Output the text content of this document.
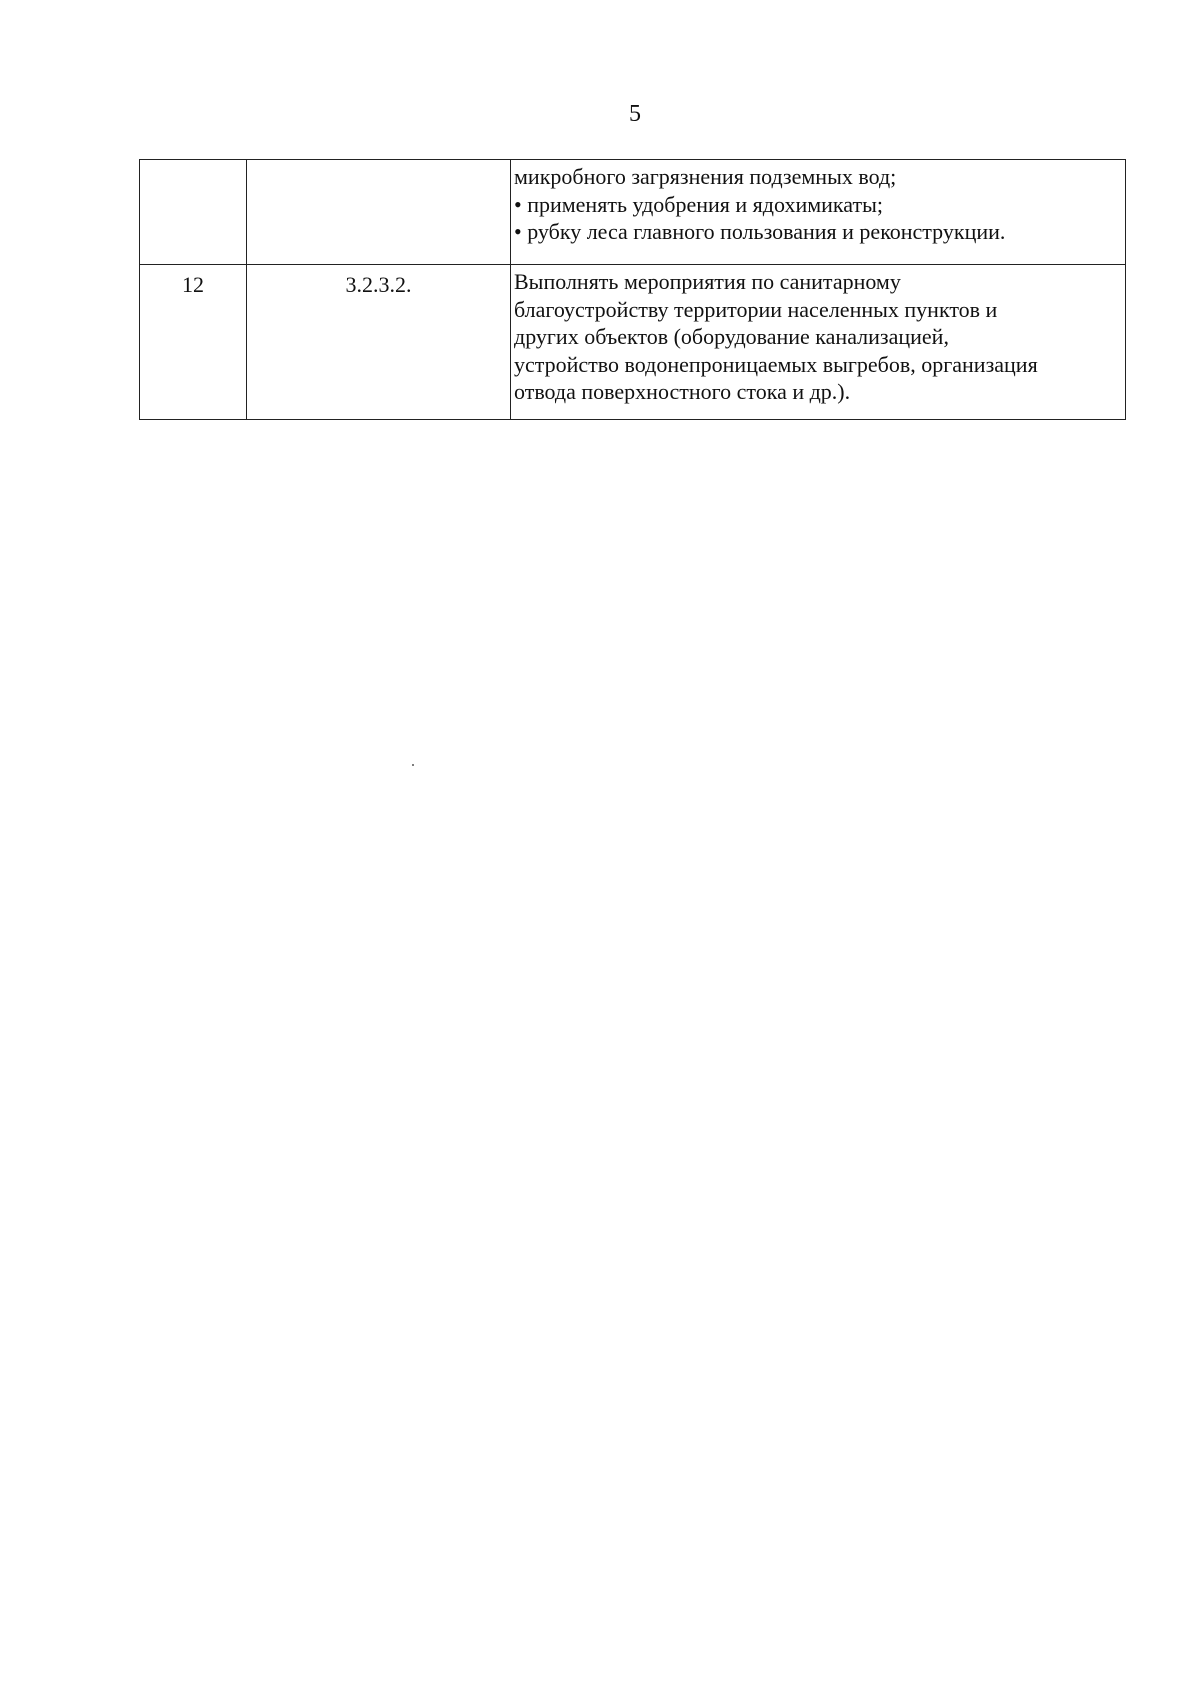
5

		микробного загрязнения подземных вод;
• применять удобрения и ядохимикаты;
• рубку леса главного пользования и реконструкции.

12	3.2.3.2.	Выполнять мероприятия по санитарному
благоустройству территории населенных пунктов и
других объектов (оборудование канализацией,
устройство водонепроницаемых выгребов, организация
отвода поверхностного стока и др.).
